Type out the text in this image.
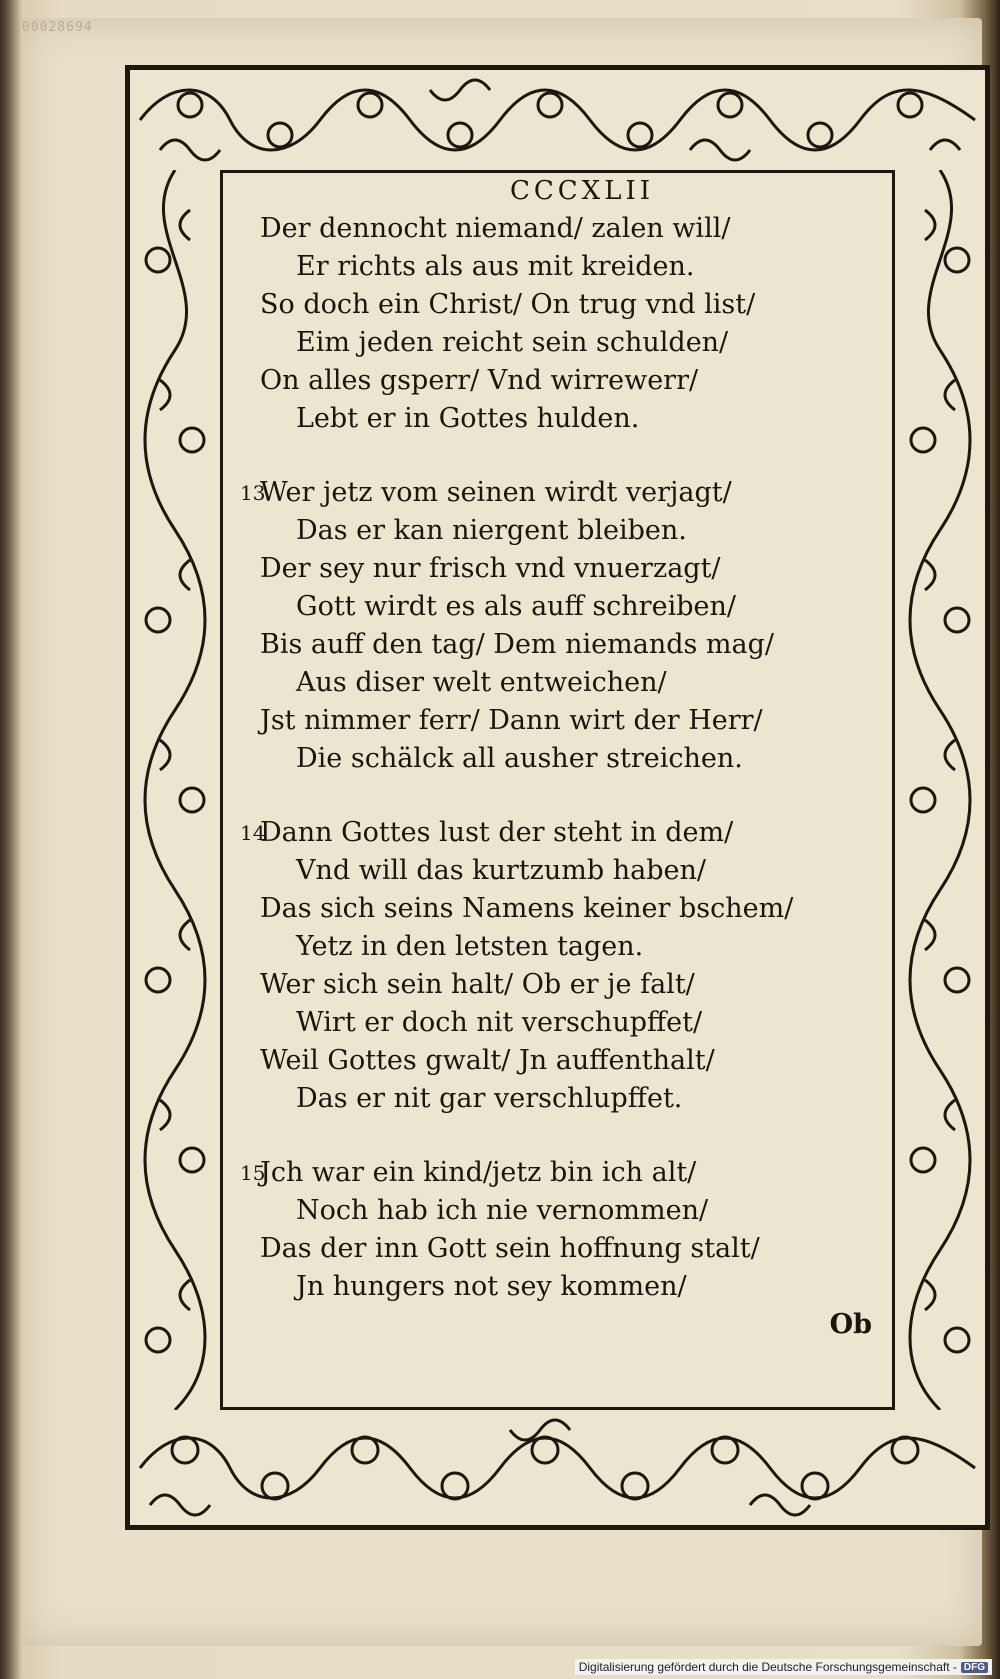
00028694
CCCXLII
Der dennocht niemand/ zalen will/
Er richts als aus mit kreiden.
So doch ein Christ/ On trug vnd list/
Eim jeden reicht sein schulden/
On alles gsperr/ Vnd wirrewerr/
Lebt er in Gottes hulden.
13
Wer jetz vom seinen wirdt verjagt/
Das er kan niergent bleiben.
Der sey nur frisch vnd vnuerzagt/
Gott wirdt es als auff schreiben/
Bis auff den tag/ Dem niemands mag/
Aus diser welt entweichen/
Jst nimmer ferr/ Dann wirt der Herr/
Die schälck all ausher streichen.
14
Dann Gottes lust der steht in dem/
Vnd will das kurtzumb haben/
Das sich seins Namens keiner bschem/
Yetz in den letsten tagen.
Wer sich sein halt/ Ob er je falt/
Wirt er doch nit verschupffet/
Weil Gottes gwalt/ Jn auffenthalt/
Das er nit gar verschlupffet.
15
Jch war ein kind/jetz bin ich alt/
Noch hab ich nie vernommen/
Das der inn Gott sein hoffnung stalt/
Jn hungers not sey kommen/
Ob
Digitalisierung gefördert durch die Deutsche Forschungsgemeinschaft - DFG
